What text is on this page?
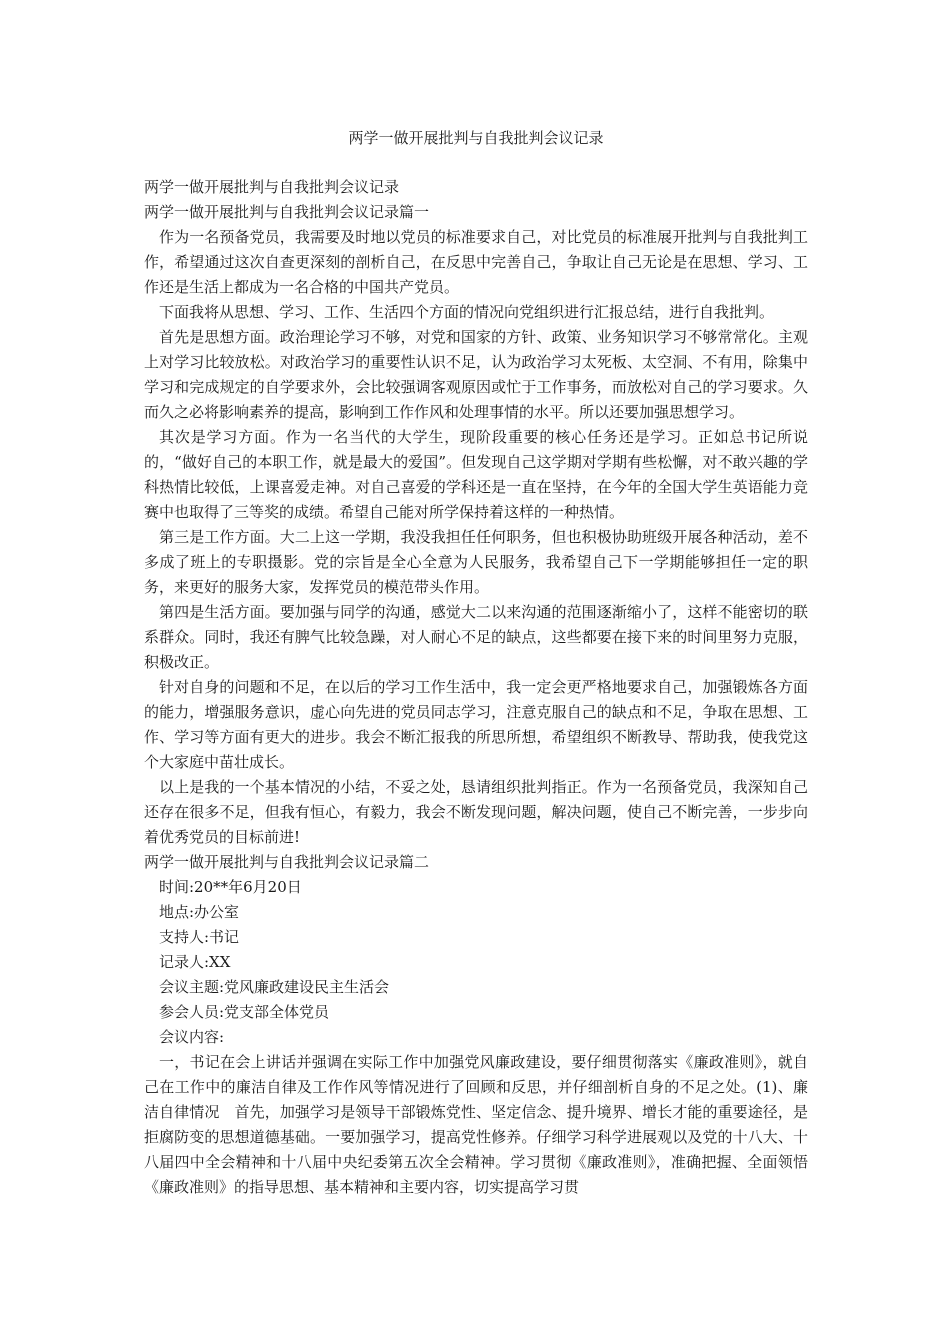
两学一做开展批判与自我批判会议记录

两学一做开展批判与自我批判会议记录

两学一做开展批判与自我批判会议记录篇一

作为一名预备党员，我需要及时地以党员的标准要求自己，对比党员的标准展开批判与自我批判工作，希望通过这次自查更深刻的剖析自己，在反思中完善自己，争取让自己无论是在思想、学习、工作还是生活上都成为一名合格的中国共产党员。

下面我将从思想、学习、工作、生活四个方面的情况向党组织进行汇报总结，进行自我批判。

首先是思想方面。政治理论学习不够，对党和国家的方针、政策、业务知识学习不够常常化。主观上对学习比较放松。对政治学习的重要性认识不足，认为政治学习太死板、太空洞、不有用，除集中学习和完成规定的自学要求外，会比较强调客观原因或忙于工作事务，而放松对自己的学习要求。久而久之必将影响素养的提高，影响到工作作风和处理事情的水平。所以还要加强思想学习。

其次是学习方面。作为一名当代的大学生，现阶段重要的核心任务还是学习。正如总书记所说的，“做好自己的本职工作，就是最大的爱国”。但发现自己这学期对学期有些松懈，对不敢兴趣的学科热情比较低，上课喜爱走神。对自己喜爱的学科还是一直在坚持，在今年的全国大学生英语能力竞赛中也取得了三等奖的成绩。希望自己能对所学保持着这样的一种热情。

第三是工作方面。大二上这一学期，我没我担任任何职务，但也积极协助班级开展各种活动，差不多成了班上的专职摄影。党的宗旨是全心全意为人民服务，我希望自己下一学期能够担任一定的职务，来更好的服务大家，发挥党员的模范带头作用。

第四是生活方面。要加强与同学的沟通，感觉大二以来沟通的范围逐渐缩小了，这样不能密切的联系群众。同时，我还有脾气比较急躁，对人耐心不足的缺点，这些都要在接下来的时间里努力克服，积极改正。

针对自身的问题和不足，在以后的学习工作生活中，我一定会更严格地要求自己，加强锻炼各方面的能力，增强服务意识，虚心向先进的党员同志学习，注意克服自己的缺点和不足，争取在思想、工作、学习等方面有更大的进步。我会不断汇报我的所思所想，希望组织不断教导、帮助我，使我党这个大家庭中苗壮成长。

以上是我的一个基本情况的小结，不妥之处，恳请组织批判指正。作为一名预备党员，我深知自己还存在很多不足，但我有恒心，有毅力，我会不断发现问题，解决问题，使自己不断完善，一步步向着优秀党员的目标前进!

两学一做开展批判与自我批判会议记录篇二

时间:20**年6月20日

地点:办公室

支持人:书记

记录人:XX

会议主题:党风廉政建设民主生活会

参会人员:党支部全体党员

会议内容:

一，书记在会上讲话并强调在实际工作中加强党风廉政建设，要仔细贯彻落实《廉政准则》，就自己在工作中的廉洁自律及工作作风等情况进行了回顾和反思，并仔细剖析自身的不足之处。(1)、廉洁自律情况　首先，加强学习是领导干部锻炼党性、坚定信念、提升境界、增长才能的重要途径，是拒腐防变的思想道德基础。一要加强学习，提高党性修养。仔细学习科学进展观以及党的十八大、十八届四中全会精神和十八届中央纪委第五次全会精神。学习贯彻《廉政准则》，准确把握、全面领悟《廉政准则》的指导思想、基本精神和主要内容，切实提高学习贯
